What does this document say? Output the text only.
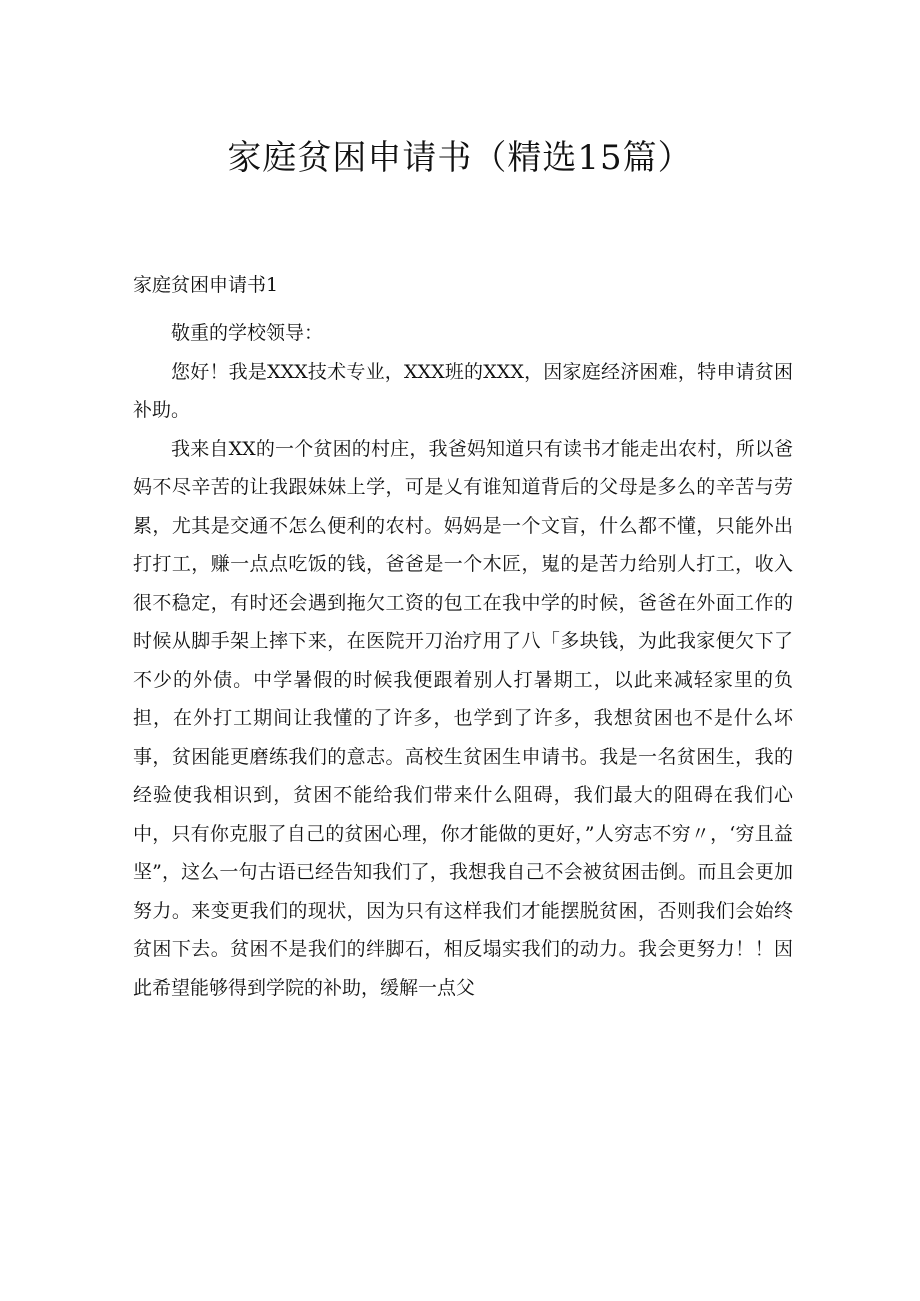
家庭贫困申请书（精选15篇）
家庭贫困申请书1

敬重的学校领导：

您好！我是XXX技术专业，XXX班的XXX，因家庭经济困难，特申请贫困补助。

我来自XX的一个贫困的村庄，我爸妈知道只有读书才能走出农村，所以爸妈不尽辛苦的让我跟妹妹上学，可是乂有谁知道背后的父母是多么的辛苦与劳累，尤其是交通不怎么便利的农村。妈妈是一个文盲，什么都不懂，只能外出打打工，赚一点点吃饭的钱，爸爸是一个木匠，嵬的是苦力给别人打工，收入很不稳定，有时还会遇到拖欠工资的包工在我中学的时候，爸爸在外面工作的时候从脚手架上摔下来，在医院开刀治疗用了八「多块钱，为此我家便欠下了不少的外债。中学暑假的时候我便跟着别人打暑期工，以此来减轻家里的负担，在外打工期间让我懂的了许多，也学到了许多，我想贫困也不是什么坏事，贫困能更磨练我们的意志。高校生贫困生申请书。我是一名贫困生，我的经验使我相识到，贫困不能给我们带来什么阻碍，我们最大的阻碍在我们心中，只有你克服了自己的贫困心理，你才能做的更好，”人穷志不穷〃，‘穷且益坚”，这么一句古语已经告知我们了，我想我自己不会被贫困击倒。而且会更加努力。来变更我们的现状，因为只有这样我们才能摆脱贫困，否则我们会始终贫困下去。贫困不是我们的绊脚石，相反塌实我们的动力。我会更努力！！因此希望能够得到学院的补助，缓解一点父
